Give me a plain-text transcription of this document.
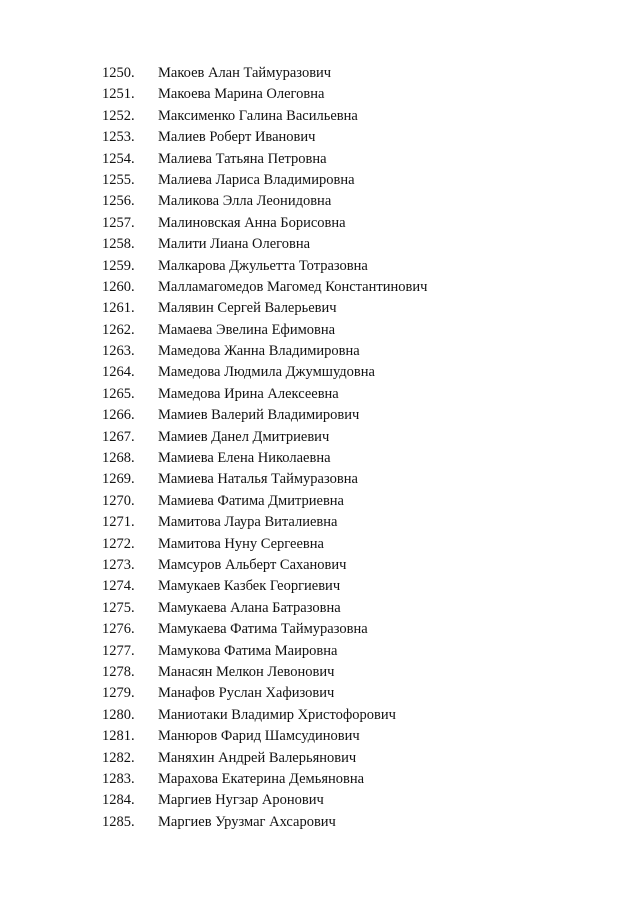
1250. Макоев Алан Таймуразович
1251. Макоева Марина Олеговна
1252. Максименко Галина Васильевна
1253. Малиев Роберт Иванович
1254. Малиева Татьяна Петровна
1255. Малиева Лариса Владимировна
1256. Маликова Элла Леонидовна
1257. Малиновская Анна Борисовна
1258. Малити Лиана Олеговна
1259. Малкарова Джульетта Тотразовна
1260. Малламагомедов Магомед Константинович
1261. Малявин Сергей Валерьевич
1262. Мамаева Эвелина Ефимовна
1263. Мамедова Жанна Владимировна
1264. Мамедова Людмила Джумшудовна
1265. Мамедова Ирина Алексеевна
1266. Мамиев Валерий Владимирович
1267. Мамиев Данел Дмитриевич
1268. Мамиева Елена Николаевна
1269. Мамиева Наталья Таймуразовна
1270. Мамиева Фатима Дмитриевна
1271. Мамитова Лаура Виталиевна
1272. Мамитова Нуну Сергеевна
1273. Мамсуров Альберт Саханович
1274. Мамукаев Казбек Георгиевич
1275. Мамукаева Алана Батразовна
1276. Мамукаева Фатима Таймуразовна
1277. Мамукова Фатима Маировна
1278. Манасян Мелкон Левонович
1279. Манафов Руслан Хафизович
1280. Маниотаки Владимир Христофорович
1281. Манюров Фарид Шамсудинович
1282. Маняхин Андрей Валерьянович
1283. Марахова Екатерина Демьяновна
1284. Маргиев Нугзар Аронович
1285. Маргиев Урузмаг Ахсарович
